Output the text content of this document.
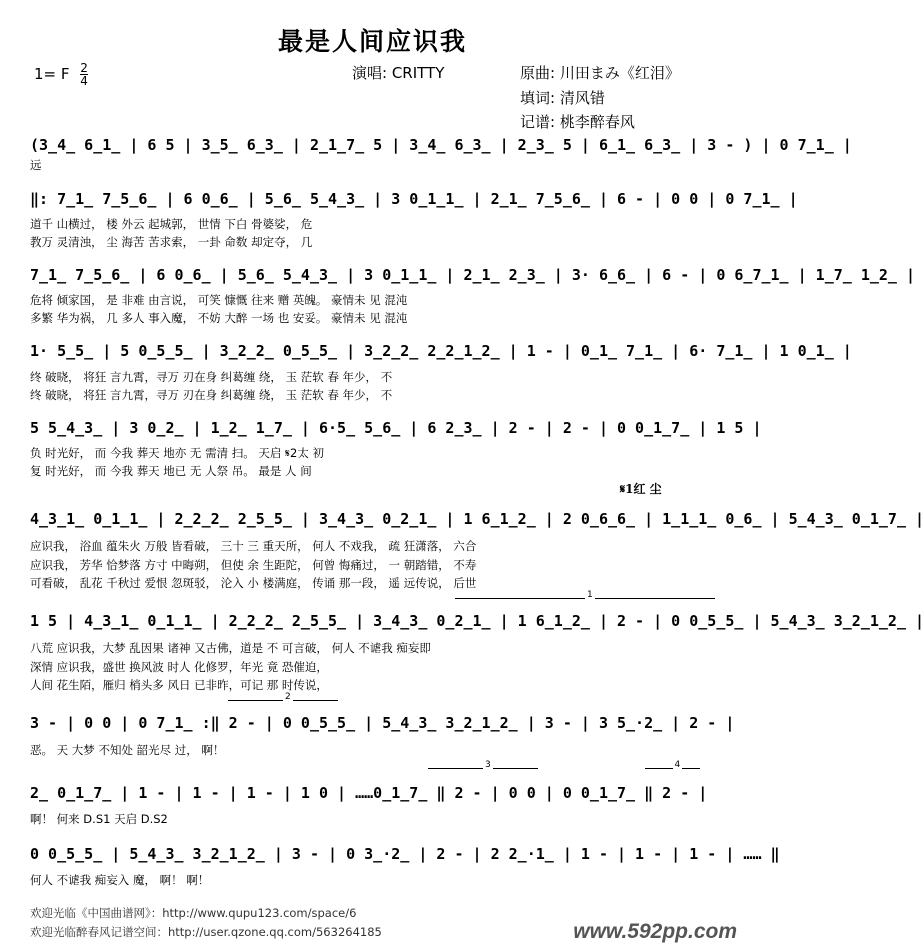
最是人间应识我
1= F $\frac{2}{4}$	演唱: CRITTY	原曲: 川田まみ《红泪》
填词: 清风错
记谱: 桃李醉春风
(3̲4̲ 6̲1̲ | 6 5 | 3̲5̲ 6̲3̲ | 2̲1̲7̲ 5 | 3̲4̲ 6̲3̲ | 2̲3̲ 5 | 6̲1̲ 6̲3̲ | 3 - ) | 0 7̲1̲ |
远
‖: 7̲1̲ 7̲5̲6̲ | 6 0̲6̲ | 5̲6̲ 5̲4̲3̲ | 3 0̲1̲1̲ | 2̲1̲ 7̲5̲6̲ | 6 - | 0 0 | 0 7̲1̲ |
道千 山横过， 楼 外云 起城郭， 世情 下白 骨婆娑， 危
教万 灵清浊， 尘 海苦 苦求索， 一卦 命数 却定夺， 几
7̲1̲ 7̲5̲6̲ | 6 0̲6̲ | 5̲6̲ 5̲4̲3̲ | 3 0̲1̲1̲ | 2̲1̲ 2̲3̲ | 3· 6̲6̲ | 6 - | 0 6̲7̲1̲ | 1̲7̲ 1̲2̲ |
危将 倾家国， 是 非难 由言说， 可笑 慷慨 往来 赠 英魄。 豪情未 见 混沌
多繁 华为祸， 几 多人 事入魔， 不妨 大醉 一场 也 安妥。 豪情未 见 混沌
1· 5̲5̲ | 5 0̲5̲5̲ | 3̲2̲2̲ 0̲5̲5̲ | 3̲2̲2̲ 2̲2̲1̲2̲ | 1 - | 0̲1̲ 7̲1̲ | 6· 7̲1̲ | 1 0̲1̲ |
终 破晓， 将狂 言九霄，寻万 刃在身 纠葛缠 绕， 玉 茫软 春 年少， 不
终 破晓， 将狂 言九霄，寻万 刃在身 纠葛缠 绕， 玉 茫软 春 年少， 不
5 5̲4̲3̲ | 3 0̲2̲ | 1̲2̲ 1̲7̲ | 6·5̲ 5̲6̲ | 6 2̲3̲ | 2 - | 2 - | 0 0̲1̲7̲ | 1 5 |
负 时光好， 而 今我 葬天 地亦 无 需清 扫。 天启 𝄋2太 初
复 时光好， 而 今我 葬天 地已 无 人祭 吊。 最是 人 间
𝄋1红 尘
4̲3̲1̲ 0̲1̲1̲ | 2̲2̲2̲ 2̲5̲5̲ | 3̲4̲3̲ 0̲2̲1̲ | 1 6̲1̲2̲ | 2 0̲6̲6̲ | 1̲1̲1̲ 0̲6̲ | 5̲4̲3̲ 0̲1̲7̲ |
应识我， 浴血 蕴朱火 万般 皆看破， 三十 三 重天所， 何人 不戏我， 疏 狂潇落， 六合
应识我， 芳华 恰梦落 方寸 中晦朔， 但使 余 生距陀， 何曾 悔痛过， 一 朝踏错， 不寿
可看破， 乱花 千秋过 爱恨 忽斑驳， 沦入 小 楼满庭， 传诵 那一段， 遥 远传说， 后世
1
1 5 | 4̲3̲1̲ 0̲1̲1̲ | 2̲2̲2̲ 2̲5̲5̲ | 3̲4̲3̲ 0̲2̲1̲ | 1 6̲1̲2̲ | 2 - | 0 0̲5̲5̲ | 5̲4̲3̲ 3̲2̲1̲2̲ |
八荒 应识我，大梦 乱因果 诸神 又古佛，道是 不 可言破， 何人 不谑我 痴妄即
深情 应识我，盛世 换风波 时人 化修罗，年光 竟 恐催迫，
人间 花生陌，雁归 梢头多 风日 已非昨，可记 那 时传说，
2
3 - | 0 0 | 0 7̲1̲ :‖ 2 - | 0 0̲5̲5̲ | 5̲4̲3̲ 3̲2̲1̲2̲ | 3 - | 3 5̲·2̲ | 2 - |
恶。 天 大梦 不知处 韶光尽 过， 啊！
3	4
2̲ 0̲1̲7̲ | 1 - | 1 - | 1 - | 1 0 | ……0̲1̲7̲ ‖ 2 - | 0 0 | 0 0̲1̲7̲ ‖ 2 - |
啊！ 何来 D.S1 天启 D.S2
0 0̲5̲5̲ | 5̲4̲3̲ 3̲2̲1̲2̲ | 3 - | 0 3̲·2̲ | 2 - | 2 2̲·1̲ | 1 - | 1 - | 1 - | …… ‖
何人 不谑我 痴妄入 魔， 啊！ 啊！
欢迎光临《中国曲谱网》：http://www.qupu123.com/space/6
欢迎光临醉春风记谱空间：http://user.qzone.qq.com/563264185	www.592pp.com
